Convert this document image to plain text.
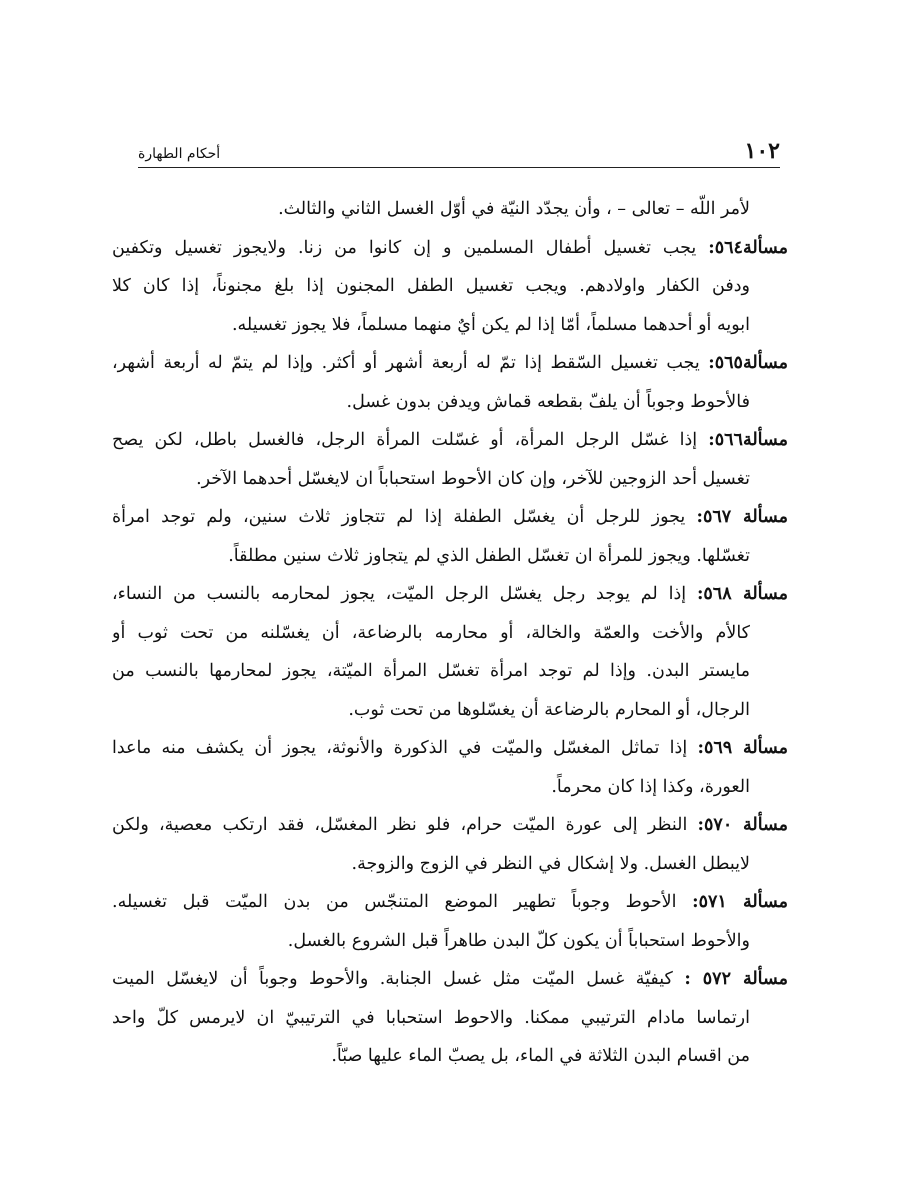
١٠٢
أحكام الطهارة
لأمر اللّه – تعالى – ، وأن يجدّد النيّة في أوّل الغسل الثاني والثالث.
مسألة٥٦٤: يجب تغسيل أطفال المسلمين و إن كانوا من زنا. ولايجوز تغسيل وتكفين
ودفن الكفار واولادهم. ويجب تغسيل الطفل المجنون إذا بلغ مجنوناً، إذا كان كلا
ابويه أو أحدهما مسلماً، أمّا إذا لم يكن أيٌ منهما مسلماً، فلا يجوز تغسيله.
مسألة٥٦٥: يجب تغسيل السّقط إذا تمّ له أربعة أشهر أو أكثر. وإذا لم يتمّ له أربعة أشهر،
فالأحوط وجوباً أن يلفّ بقطعه قماش ويدفن بدون غسل.
مسألة٥٦٦: إذا غسّل الرجل المرأة، أو غسّلت المرأة الرجل، فالغسل باطل، لكن يصح
تغسيل أحد الزوجين للآخر، وإن كان الأحوط استحباباً ان لايغسّل أحدهما الآخر.
مسألة ٥٦٧: يجوز للرجل أن يغسّل الطفلة إذا لم تتجاوز ثلاث سنين، ولم توجد امرأة
تغسّلها. ويجوز للمرأة ان تغسّل الطفل الذي لم يتجاوز ثلاث سنين مطلقاً.
مسألة ٥٦٨: إذا لم يوجد رجل يغسّل الرجل الميّت، يجوز لمحارمه بالنسب من النساء،
كالأم والأخت والعمّة والخالة، أو محارمه بالرضاعة، أن يغسّلنه من تحت ثوب أو
مايستر البدن. وإذا لم توجد امرأة تغسّل المرأة الميّتة، يجوز لمحارمها بالنسب من
الرجال، أو المحارم بالرضاعة أن يغسّلوها من تحت ثوب.
مسألة ٥٦٩: إذا تماثل المغسّل والميّت في الذكورة والأنوثة، يجوز أن يكشف منه ماعدا
العورة، وكذا إذا كان محرماً.
مسألة ٥٧٠: النظر إلى عورة الميّت حرام، فلو نظر المغسّل، فقد ارتكب معصية، ولكن
لايبطل الغسل. ولا إشكال في النظر في الزوج والزوجة.
مسألة ٥٧١: الأحوط وجوباً تطهير الموضع المتنجّس من بدن الميّت قبل تغسيله.
والأحوط استحباباً أن يكون كلّ البدن طاهراً قبل الشروع بالغسل.
مسألة ٥٧٢ : كيفيّة غسل الميّت مثل غسل الجنابة. والأحوط وجوباً أن لايغسّل الميت
ارتماسا مادام الترتيبي ممكنا. والاحوط استحبابا في الترتيبيّ ان لايرمس كلّ واحد
من اقسام البدن الثلاثة في الماء، بل يصبّ الماء عليها صبّاً.
